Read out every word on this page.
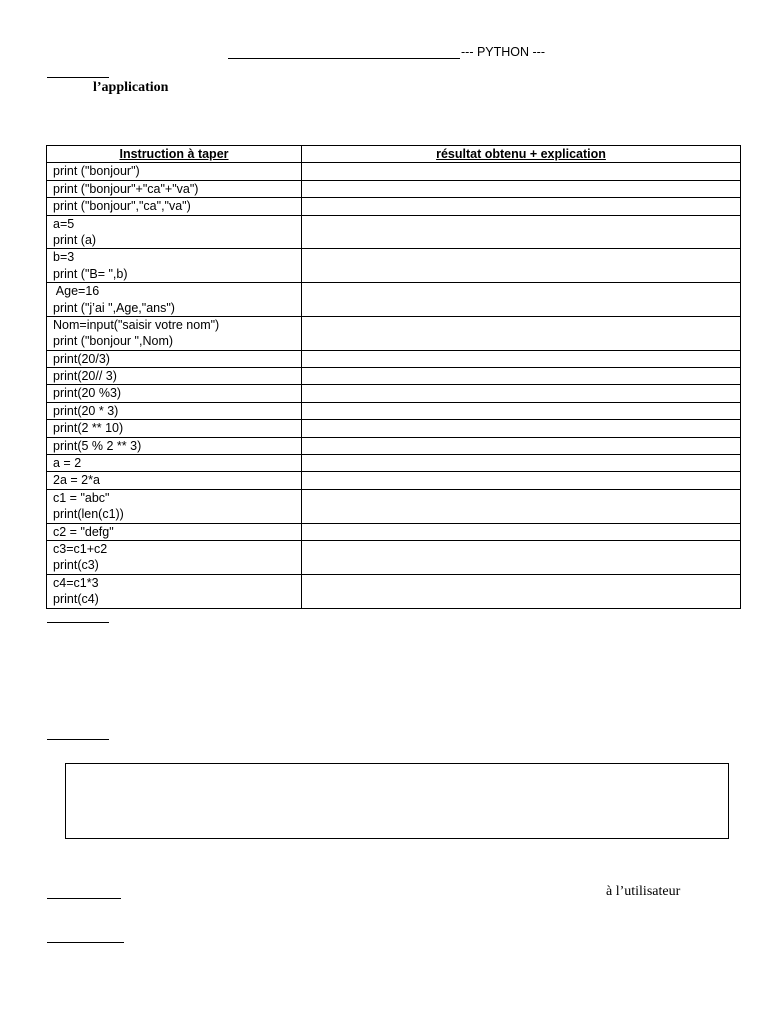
--- PYTHON ---
l’application
Instruction à taper	résultat obtenu + explication

print ("bonjour")	

print ("bonjour"+"ca"+"va")	

print ("bonjour","ca","va")	

a=5
print (a)	

b=3
print ("B= ",b)	

Age=16
print ("j’ai ",Age,"ans")	

Nom=input("saisir votre nom")
print ("bonjour ",Nom)	

print(20/3)	

print(20// 3)	

print(20 %3)	

print(20 * 3)	

print(2 ** 10)	

print(5 % 2 ** 3)	

a = 2	

2a = 2*a	

c1 = "abc"
print(len(c1))	

c2 = "defg"	

c3=c1+c2
print(c3)	

c4=c1*3
print(c4)	

à l’utilisateur
